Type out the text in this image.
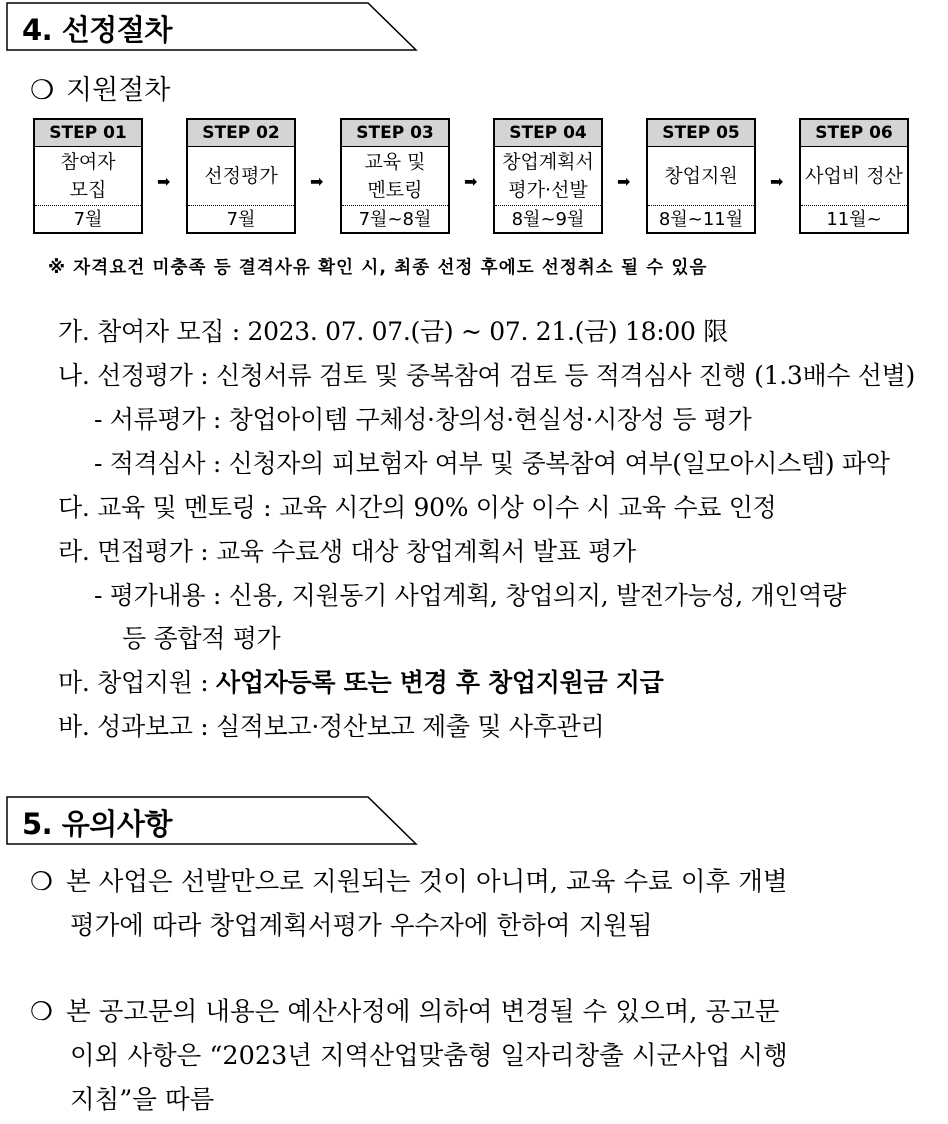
4. 선정절차
❍ 지원절차
STEP 01
참여자
모집
7월
STEP 02
선정평가
7월
STEP 03
교육 및
멘토링
7월~8월
STEP 04
창업계획서
평가·선발
8월~9월
STEP 05
창업지원
8월~11월
STEP 06
사업비 정산
11월~
➡	➡	➡	➡	➡
※ 자격요건 미충족 등 결격사유 확인 시, 최종 선정 후에도 선정취소 될 수 있음
가. 참여자 모집 : 2023. 07. 07.(금) ~ 07. 21.(금) 18:00 限
나. 선정평가 : 신청서류 검토 및 중복참여 검토 등 적격심사 진행 (1.3배수 선별)
- 서류평가 : 창업아이템 구체성·창의성·현실성·시장성 등 평가
- 적격심사 : 신청자의 피보험자 여부 및 중복참여 여부(일모아시스템) 파악
다. 교육 및 멘토링 : 교육 시간의 90% 이상 이수 시 교육 수료 인정
라. 면접평가 : 교육 수료생 대상 창업계획서 발표 평가
- 평가내용 : 신용, 지원동기 사업계획, 창업의지, 발전가능성, 개인역량
등 종합적 평가
마. 창업지원 : 사업자등록 또는 변경 후 창업지원금 지급
바. 성과보고 : 실적보고·정산보고 제출 및 사후관리
5. 유의사항
❍ 본 사업은 선발만으로 지원되는 것이 아니며, 교육 수료 이후 개별
평가에 따라 창업계획서평가 우수자에 한하여 지원됨
❍ 본 공고문의 내용은 예산사정에 의하여 변경될 수 있으며, 공고문
이외 사항은 “2023년 지역산업맞춤형 일자리창출 시군사업 시행
지침”을 따름
